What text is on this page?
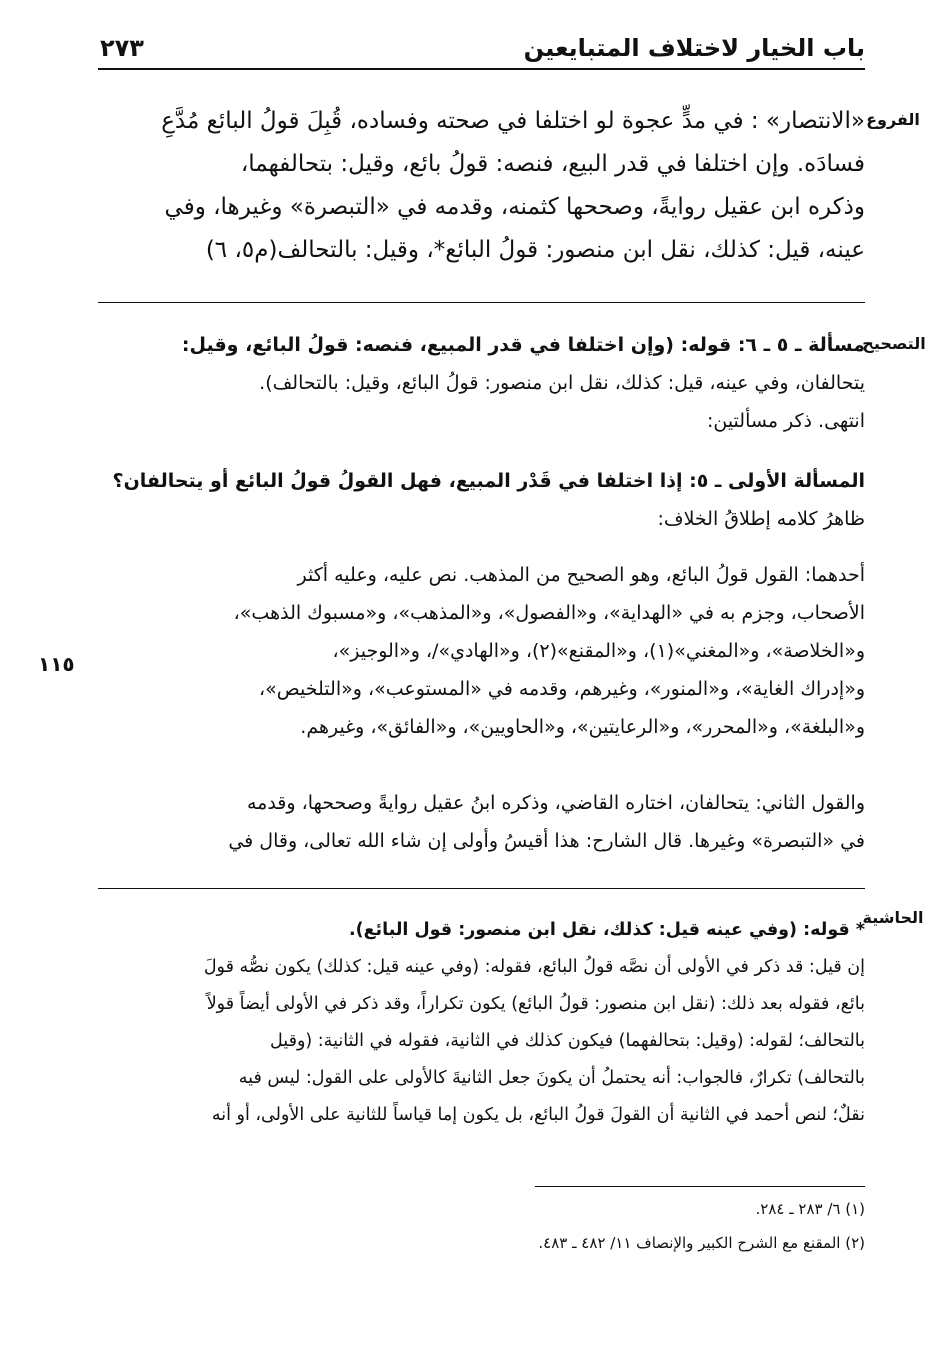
باب الخيار لاختلاف المتبايعين
٢٧٣
الفروع
«الانتصار» : في مدٍّ عجوة لو اختلفا في صحته وفساده، قُبِلَ قولُ البائع مُدَّعِ
فسادَه. وإن اختلفا في قدر البيع، فنصه: قولُ بائع، وقيل: بتحالفهما،
وذكره ابن عقيل روايةً، وصححها كثمنه، وقدمه في «التبصرة» وغيرها، وفي
عينه، قيل: كذلك، نقل ابن منصور: قولُ البائع*، وقيل: بالتحالف(م٥، ٦)
التصحيح
مسألة ـ ٥ ـ ٦: قوله: (وإن اختلفا في قدر المبيع، فنصه: قولُ البائع، وقيل:
يتحالفان، وفي عينه، قيل: كذلك، نقل ابن منصور: قولُ البائع، وقيل: بالتحالف).
انتهى. ذكر مسألتين:
المسألة الأولى ـ ٥: إذا اختلفا في قَدْر المبيع، فهل القولُ قولُ البائع أو يتحالفان؟
ظاهرُ كلامه إطلاقُ الخلاف:
أحدهما: القول قولُ البائع، وهو الصحيح من المذهب. نص عليه، وعليه أكثر
الأصحاب، وجزم به في «الهداية»، و«الفصول»، و«المذهب»، و«مسبوك الذهب»،
و«الخلاصة»، و«المغني»(١)، و«المقنع»(٢)، و«الهادي»/، و«الوجيز»،
و«إدراك الغاية»، و«المنور»، وغيرهم، وقدمه في «المستوعب»، و«التلخيص»،
و«البلغة»، و«المحرر»، و«الرعايتين»، و«الحاويين»، و«الفائق»، وغيرهم.
١١٥
والقول الثاني: يتحالفان، اختاره القاضي، وذكره ابنُ عقيل روايةً وصححها، وقدمه
في «التبصرة» وغيرها. قال الشارح: هذا أقيسُ وأولى إن شاء الله تعالى، وقال في
الحاشية
* قوله: (وفي عينه قيل: كذلك، نقل ابن منصور: قول البائع).
إن قيل: قد ذكر في الأولى أن نصَّه قولُ البائع، فقوله: (وفي عينه قيل: كذلك) يكون نصُّه قولَ
بائع، فقوله بعد ذلك: (نقل ابن منصور: قولُ البائع) يكون تكراراً، وقد ذكر في الأولى أيضاً قولاً
بالتحالف؛ لقوله: (وقيل: بتحالفهما) فيكون كذلك في الثانية، فقوله في الثانية: (وقيل
بالتحالف) تكرارٌ، فالجواب: أنه يحتملُ أن يكونَ جعل الثانيةَ كالأولى على القول: ليس فيه
نقلٌ؛ لنص أحمد في الثانية أن القولَ قولُ البائع، بل يكون إما قياساً للثانية على الأولى، أو أنه
(١) ٦/ ٢٨٣ ـ ٢٨٤.
(٢) المقنع مع الشرح الكبير والإنصاف ١١/ ٤٨٢ ـ ٤٨٣.
